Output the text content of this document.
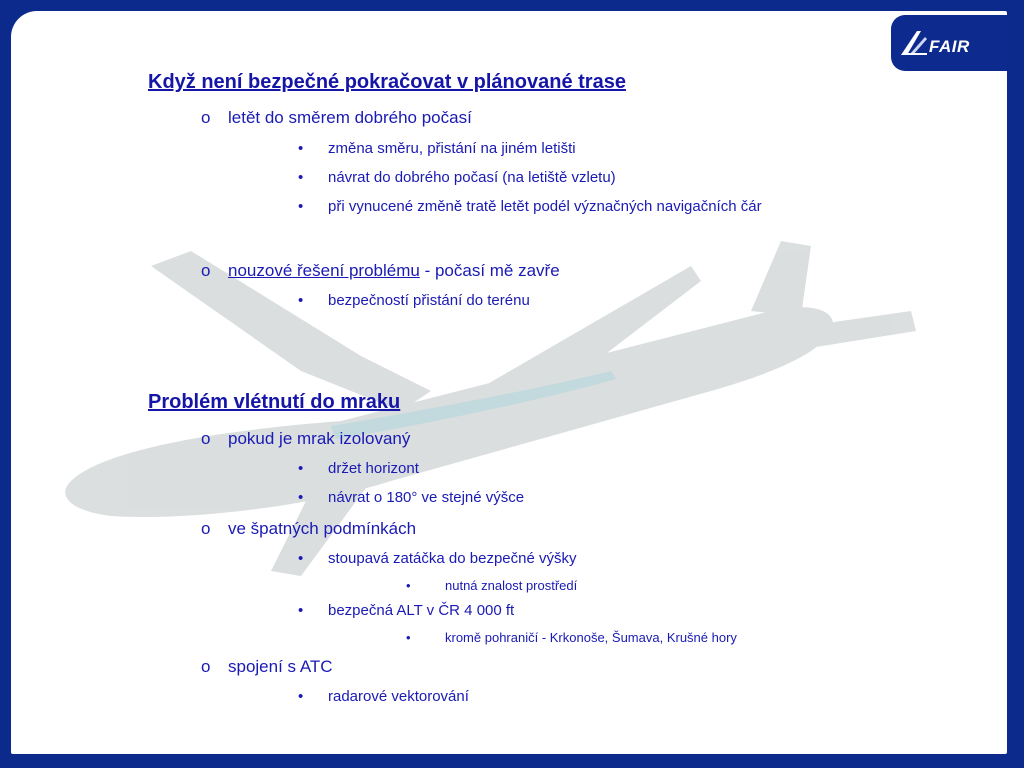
FAIR
Když není bezpečné pokračovat v plánované trase
o letět do směrem dobrého počasí
• změna směru, přistání na jiném letišti
• návrat do dobrého počasí (na letiště vzletu)
• při vynucené změně tratě letět podél význačných navigačních čár
o nouzové řešení problému - počasí mě zavře
• bezpečností přistání do terénu
Problém vlétnutí do mraku
o pokud je mrak izolovaný
• držet horizont
• návrat o 180° ve stejné výšce
o ve špatných podmínkách
• stoupavá zatáčka do bezpečné výšky
•	nutná znalost prostředí
• bezpečná ALT v ČR 4 000 ft
•	kromě pohraničí - Krkonoše, Šumava, Krušné hory
o spojení s ATC
• radarové vektorování
